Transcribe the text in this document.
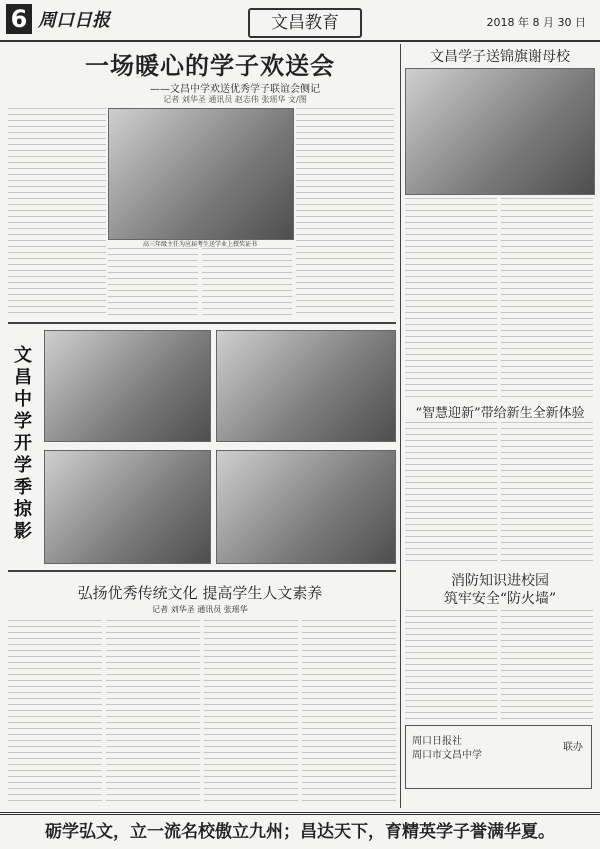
6 周口日报	文昌教育	2018 年 8 月 30 日
一场暖心的学子欢送会
——文昌中学欢送优秀学子联谊会侧记
记者 刘华圣 通讯员 赵志伟 张瑶华 文/图
高三年级主任为应届考生送学业上授奖证书
文昌中学开学季掠影
弘扬优秀传统文化 提高学生人文素养
记者 刘华圣 通讯员 张瑶华
文昌学子送锦旗谢母校
“智慧迎新”带给新生全新体验
消防知识进校园
筑牢安全“防火墙”
周口日报社
周口市文昌中学
联办
砺学弘文，立一流名校傲立九州；昌达天下，育精英学子誉满华夏。
